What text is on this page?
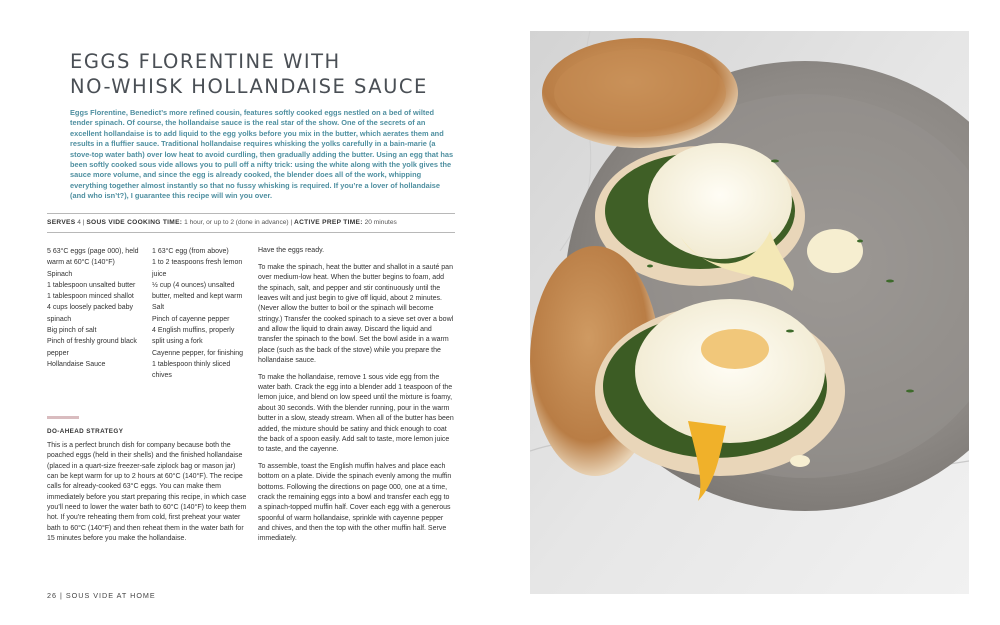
EGGS FLORENTINE WITH
NO-WHISK HOLLANDAISE SAUCE

Eggs Florentine, Benedict’s more refined cousin, features softly cooked eggs nestled on a bed of wilted tender spinach. Of course, the hollandaise sauce is the real star of the show. One of the secrets of an excellent hollandaise is to add liquid to the egg yolks before you mix in the butter, which aerates them and results in a fluffier sauce. Traditional hollandaise requires whisking the yolks carefully in a bain-marie (a stove-top water bath) over low heat to avoid curdling, then gradually adding the butter. Using an egg that has been softly cooked sous vide allows you to pull off a nifty trick: using the white along with the yolk gives the sauce more volume, and since the egg is already cooked, the blender does all of the work, whipping everything together almost instantly so that no fussy whisking is required. If you’re a lover of hollandaise (and who isn’t?), I guarantee this recipe will win you over.

SERVES 4 | SOUS VIDE COOKING TIME: 1 hour, or up to 2 (done in advance) | ACTIVE PREP TIME: 20 minutes
5 63°C eggs (page 000), held warm at 60°C (140°F)
Spinach
1 tablespoon unsalted butter
1 tablespoon minced shallot
4 cups loosely packed baby spinach
Big pinch of salt
Pinch of freshly ground black pepper
Hollandaise Sauce
1 63°C egg (from above)
1 to 2 teaspoons fresh lemon juice
½ cup (4 ounces) unsalted butter, melted and kept warm
Salt
Pinch of cayenne pepper
4 English muffins, properly split using a fork
Cayenne pepper, for finishing
1 tablespoon thinly sliced chives
DO-AHEAD STRATEGY

This is a perfect brunch dish for company because both the poached eggs (held in their shells) and the finished hollandaise (placed in a quart-size freezer-safe ziplock bag or mason jar) can be kept warm for up to 2 hours at 60°C (140°F). The recipe calls for already-cooked 63°C eggs. You can make them immediately before you start preparing this recipe, in which case you’ll need to lower the water bath to 60°C (140°F) to keep them hot. If you’re reheating them from cold, first preheat your water bath to 60°C (140°F) and then reheat them in the water bath for 15 minutes before you make the hollandaise.

Have the eggs ready.

To make the spinach, heat the butter and shallot in a sauté pan over medium-low heat. When the butter begins to foam, add the spinach, salt, and pepper and stir continuously until the leaves wilt and just begin to give off liquid, about 2 minutes. (Never allow the butter to boil or the spinach will become stringy.) Transfer the cooked spinach to a sieve set over a bowl and allow the liquid to drain away. Discard the liquid and transfer the spinach to the bowl. Set the bowl aside in a warm place (such as the back of the stove) while you prepare the hollandaise sauce.

To make the hollandaise, remove 1 sous vide egg from the water bath. Crack the egg into a blender add 1 teaspoon of the lemon juice, and blend on low speed until the mixture is foamy, about 30 seconds. With the blender running, pour in the warm butter in a slow, steady stream. When all of the butter has been added, the mixture should be satiny and thick enough to coat the back of a spoon easily. Add salt to taste, more lemon juice to taste, and the cayenne.

To assemble, toast the English muffin halves and place each bottom on a plate. Divide the spinach evenly among the muffin bottoms. Following the directions on page 000, one at a time, crack the remaining eggs into a bowl and transfer each egg to a spinach-topped muffin half. Cover each egg with a generous spoonful of warm hollandaise, sprinkle with cayenne pepper and chives, and then the top with the other muffin half. Serve immediately.

26 | SOUS VIDE AT HOME
